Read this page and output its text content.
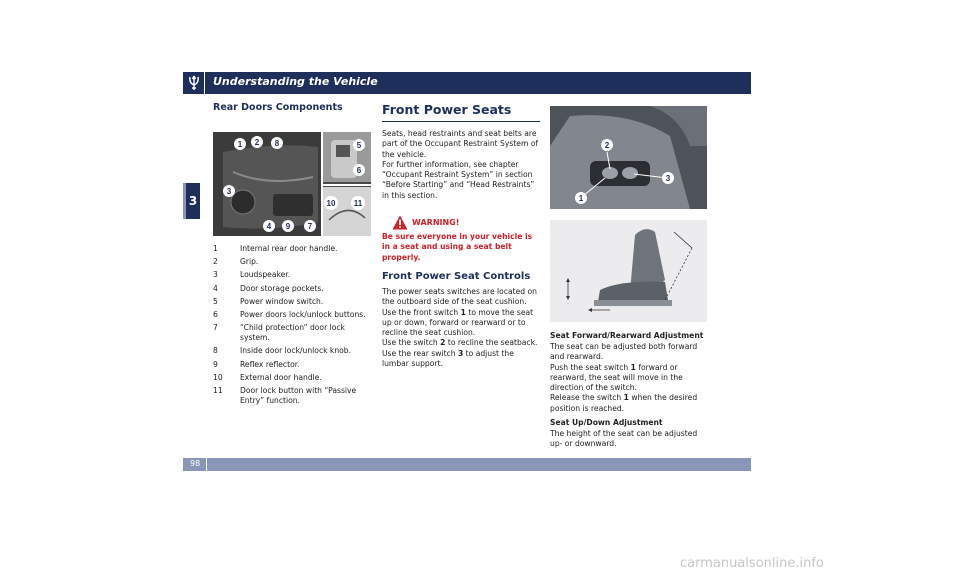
Understanding the Vehicle
3
Rear Doors Components
1 2 8	5
6
3
10 11
4 9 7
1	Internal rear door handle.
2	Grip.
3	Loudspeaker.
4	Door storage pockets.
5	Power window switch.
6	Power doors lock/unlock buttons.
7	“Child protection” door lock system.
8	Inside door lock/unlock knob.
9	Reflex reflector.
10	External door handle.
11	Door lock button with “Passive Entry” function.
Front Power Seats

Seats, head restraints and seat belts are part of the Occupant Restraint System of the vehicle.

For further information, see chapter “Occupant Restraint System” in section “Before Starting” and “Head Restraints” in this section.

WARNING!

Be sure everyone in your vehicle is in a seat and using a seat belt properly.

Front Power Seat Controls

The power seats switches are located on the outboard side of the seat cushion.

Use the front switch 1 to move the seat up or down, forward or rearward or to recline the seat cushion.

Use the switch 2 to recline the seatback.

Use the rear switch 3 to adjust the lumbar support.

2
3
1
Seat Forward/Rearward Adjustment

The seat can be adjusted both forward and rearward.

Push the seat switch 1 forward or rearward, the seat will move in the direction of the switch.

Release the switch 1 when the desired position is reached.

Seat Up/Down Adjustment

The height of the seat can be adjusted up- or downward.

98
carmanualsonline.info
